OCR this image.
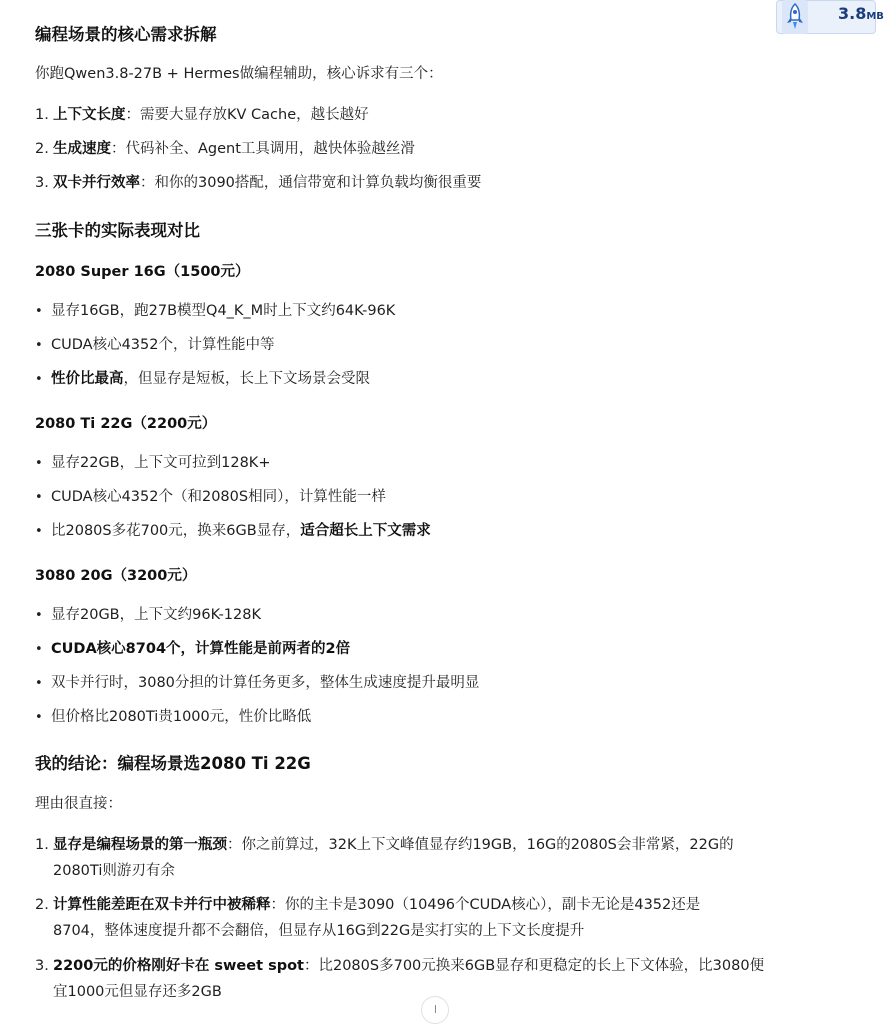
3.8MB
编程场景的核心需求拆解
你跑Qwen3.8-27B + Hermes做编程辅助，核心诉求有三个：
1. 上下文长度：需要大显存放KV Cache，越长越好
2. 生成速度：代码补全、Agent工具调用，越快体验越丝滑
3. 双卡并行效率：和你的3090搭配，通信带宽和计算负载均衡很重要
三张卡的实际表现对比
2080 Super 16G（1500元）
• 显存16GB，跑27B模型Q4_K_M时上下文约64K-96K
• CUDA核心4352个，计算性能中等
• 性价比最高，但显存是短板，长上下文场景会受限
2080 Ti 22G（2200元）
• 显存22GB，上下文可拉到128K+
• CUDA核心4352个（和2080S相同），计算性能一样
• 比2080S多花700元，换来6GB显存，适合超长上下文需求
3080 20G（3200元）
• 显存20GB，上下文约96K-128K
• CUDA核心8704个，计算性能是前两者的2倍
• 双卡并行时，3080分担的计算任务更多，整体生成速度提升最明显
• 但价格比2080Ti贵1000元，性价比略低
我的结论：编程场景选2080 Ti 22G
理由很直接：
1. 显存是编程场景的第一瓶颈：你之前算过，32K上下文峰值显存约19GB，16G的2080S会非常紧，22G的
2080Ti则游刃有余
2. 计算性能差距在双卡并行中被稀释：你的主卡是3090（10496个CUDA核心），副卡无论是4352还是
8704，整体速度提升都不会翻倍，但显存从16G到22G是实打实的上下文长度提升
3. 2200元的价格刚好卡在 sweet spot：比2080S多700元换来6GB显存和更稳定的长上下文体验，比3080便
宜1000元但显存还多2GB
